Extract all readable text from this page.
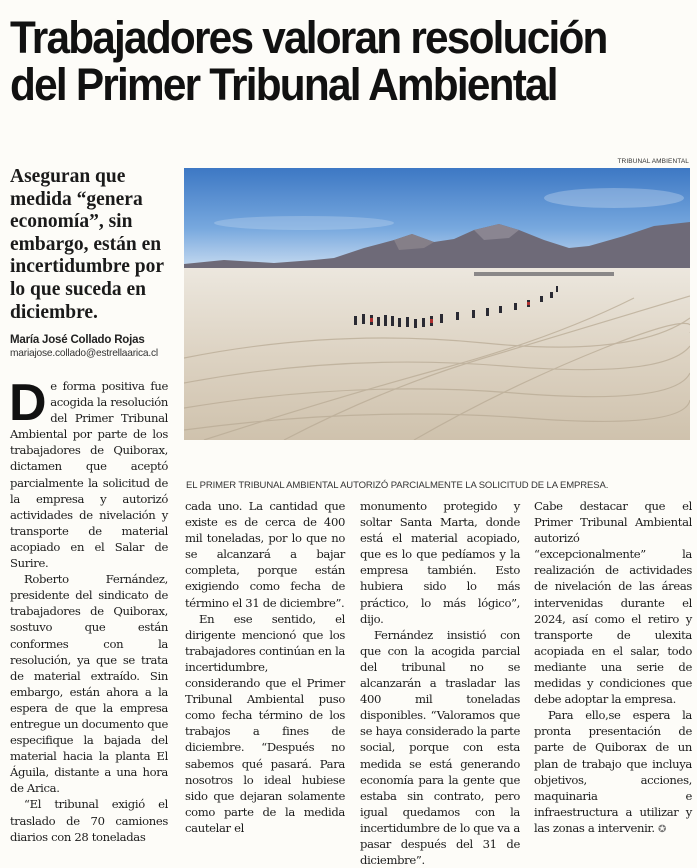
Trabajadores valoran resolución
del Primer Tribunal Ambiental

Aseguran que medida “genera economía”, sin embargo, están en incertidumbre por lo que suceda en diciembre.

María José Collado Rojas
mariajose.collado@estrellaarica.cl
TRIBUNAL AMBIENTAL
EL PRIMER TRIBUNAL AMBIENTAL AUTORIZÓ PARCIALMENTE LA SOLICITUD DE LA EMPRESA.

De forma positiva fue acogida la resolución del Primer Tribunal Ambiental por parte de los trabajadores de Quiborax, dictamen que aceptó parcialmente la solicitud de la empresa y autorizó actividades de nivelación y transporte de material acopiado en el Salar de Surire.

Roberto Fernández, presidente del sindicato de trabajadores de Quiborax, sostuvo que están conformes con la resolución, ya que se trata de material extraído. Sin embargo, están ahora a la espera de que la empresa entregue un documento que especifique la bajada del material hacia la planta El Águila, distante a una hora de Arica.

“El tribunal exigió el traslado de 70 camiones diarios con 28 toneladas

cada uno. La cantidad que existe es de cerca de 400 mil toneladas, por lo que no se alcanzará a bajar completa, porque están exigiendo como fecha de término el 31 de diciembre”.

En ese sentido, el dirigente mencionó que los trabajadores continúan en la incertidumbre, considerando que el Primer Tribunal Ambiental puso como fecha término de los trabajos a fines de diciembre. “Después no sabemos qué pasará. Para nosotros lo ideal hubiese sido que dejaran solamente como parte de la medida cautelar el

monumento protegido y soltar Santa Marta, donde está el material acopiado, que es lo que pedíamos y la empresa también. Esto hubiera sido lo más práctico, lo más lógico”, dijo.

Fernández insistió con que con la acogida parcial del tribunal no se alcanzarán a trasladar las 400 mil toneladas disponibles. “Valoramos que se haya considerado la parte social, porque con esta medida se está generando economía para la gente que estaba sin contrato, pero igual quedamos con la incertidumbre de lo que va a pasar después del 31 de diciembre”.

Cabe destacar que el Primer Tribunal Ambiental autorizó “excepcionalmente” la realización de actividades de nivelación de las áreas intervenidas durante el 2024, así como el retiro y transporte de ulexita acopiada en el salar, todo mediante una serie de medidas y condiciones que debe adoptar la empresa.

Para ello,se espera la pronta presentación de parte de Quiborax de un plan de trabajo que incluya objetivos, acciones, maquinaria e infraestructura a utilizar y las zonas a intervenir. ✪
